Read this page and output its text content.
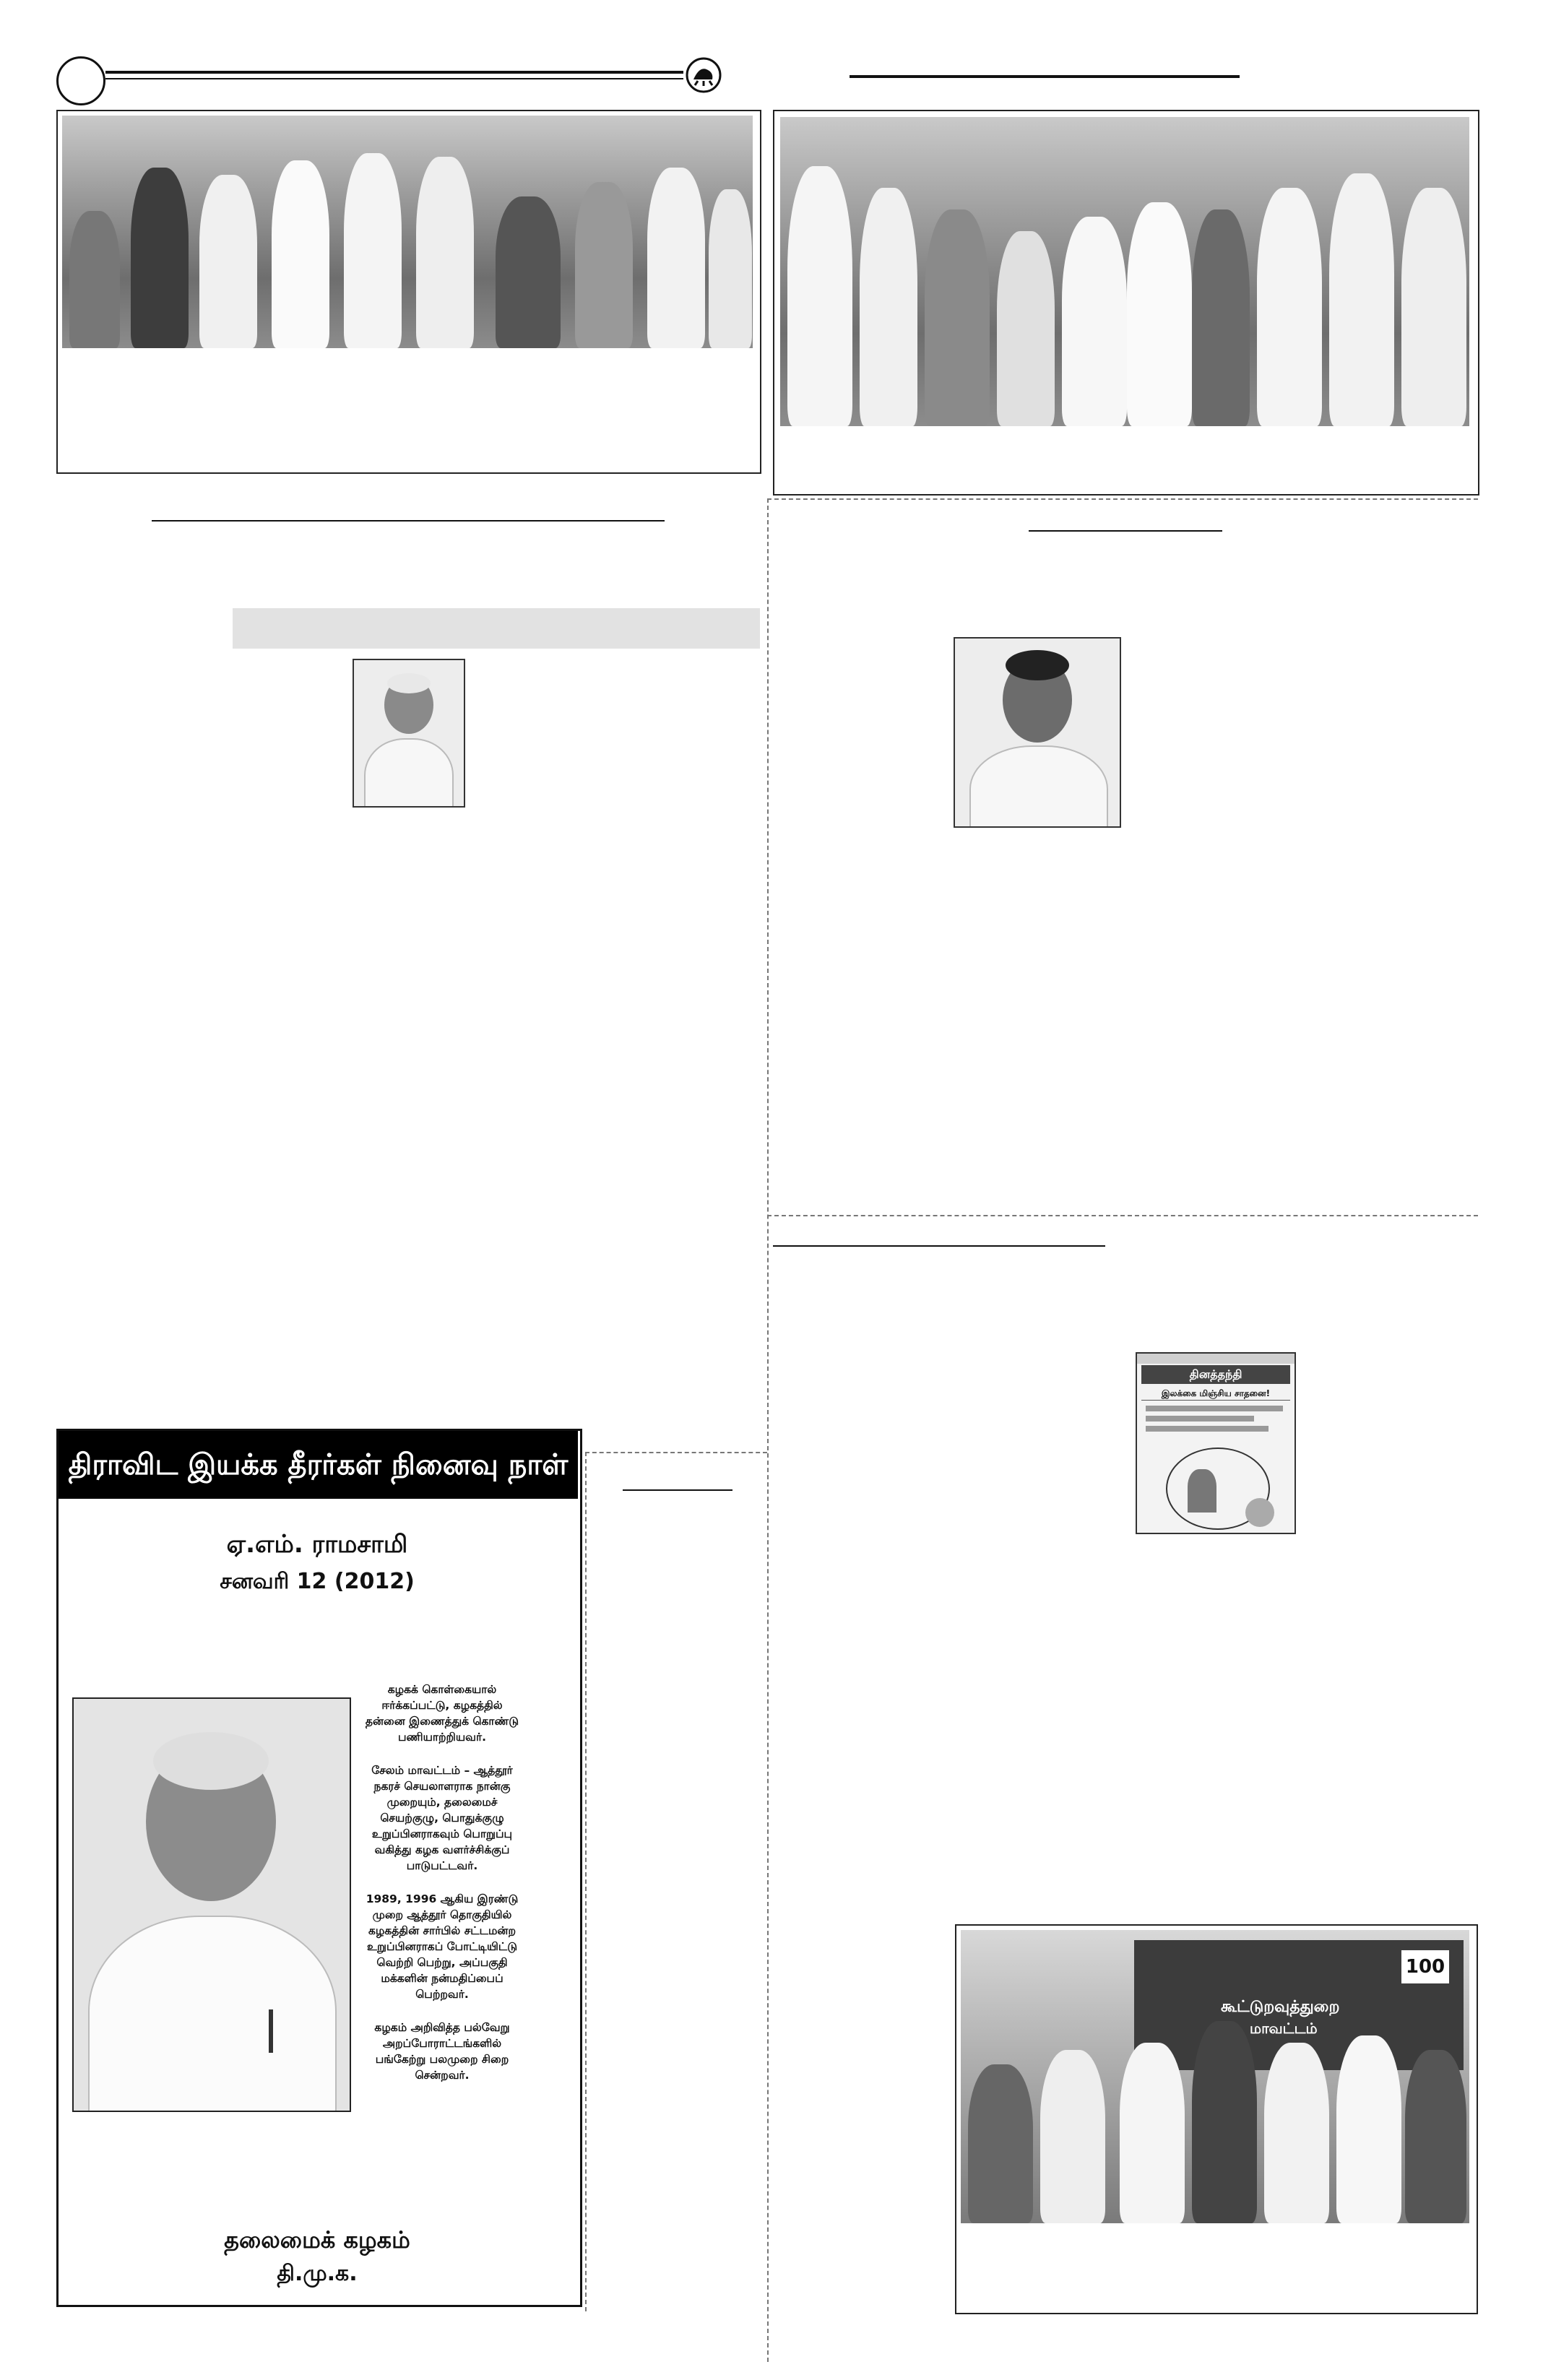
தினத்தந்தி
இலக்கை மிஞ்சிய சாதனை!
100
கூட்டுறவுத்துறை
மாவட்டம்
திராவிட இயக்க தீரர்கள் நினைவு நாள்
ஏ.எம். ராமசாமி
சனவரி 12 (2012)

கழகக் கொள்கையால் ஈர்க்கப்பட்டு, கழகத்தில் தன்னை இணைத்துக் கொண்டு பணியாற்றியவர்.

சேலம் மாவட்டம் – ஆத்தூர் நகரச் செயலாளராக நான்கு முறையும், தலைமைச் செயற்குழு, பொதுக்குழு உறுப்பினராகவும் பொறுப்பு வகித்து கழக வளர்ச்சிக்குப் பாடுபட்டவர்.

1989, 1996 ஆகிய இரண்டு முறை ஆத்தூர் தொகுதியில் கழகத்தின் சார்பில் சட்டமன்ற உறுப்பினராகப் போட்டியிட்டு வெற்றி பெற்று, அப்பகுதி மக்களின் நன்மதிப்பைப் பெற்றவர்.

கழகம் அறிவித்த பல்வேறு அறப்போராட்டங்களில் பங்கேற்று பலமுறை சிறை சென்றவர்.

தலைமைக் கழகம்
தி.மு.க.
